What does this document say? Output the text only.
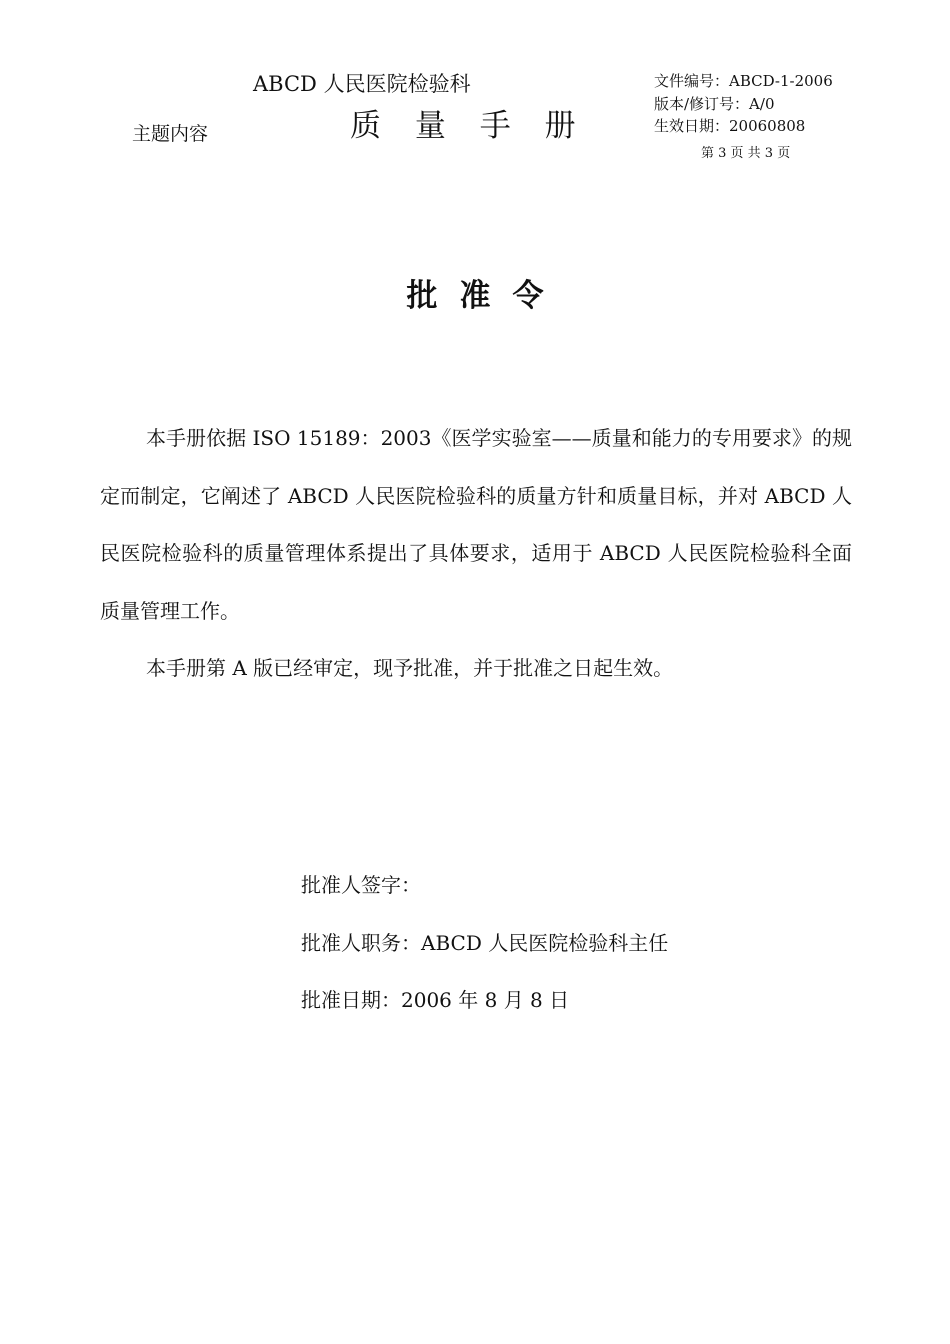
ABCD 人民医院检验科
主题内容	质 量 手 册
文件编号：ABCD-1-2006
版本/修订号：A/0
生效日期：20060808
第 3 页 共 3 页
批准令

本手册依据 ISO 15189：2003《医学实验室——质量和能力的专用要求》的规定而制定，它阐述了 ABCD 人民医院检验科的质量方针和质量目标，并对 ABCD 人民医院检验科的质量管理体系提出了具体要求，适用于 ABCD 人民医院检验科全面质量管理工作。

本手册第 A 版已经审定，现予批准，并于批准之日起生效。

批准人签字：
批准人职务：ABCD 人民医院检验科主任
批准日期：2006 年 8 月 8 日
